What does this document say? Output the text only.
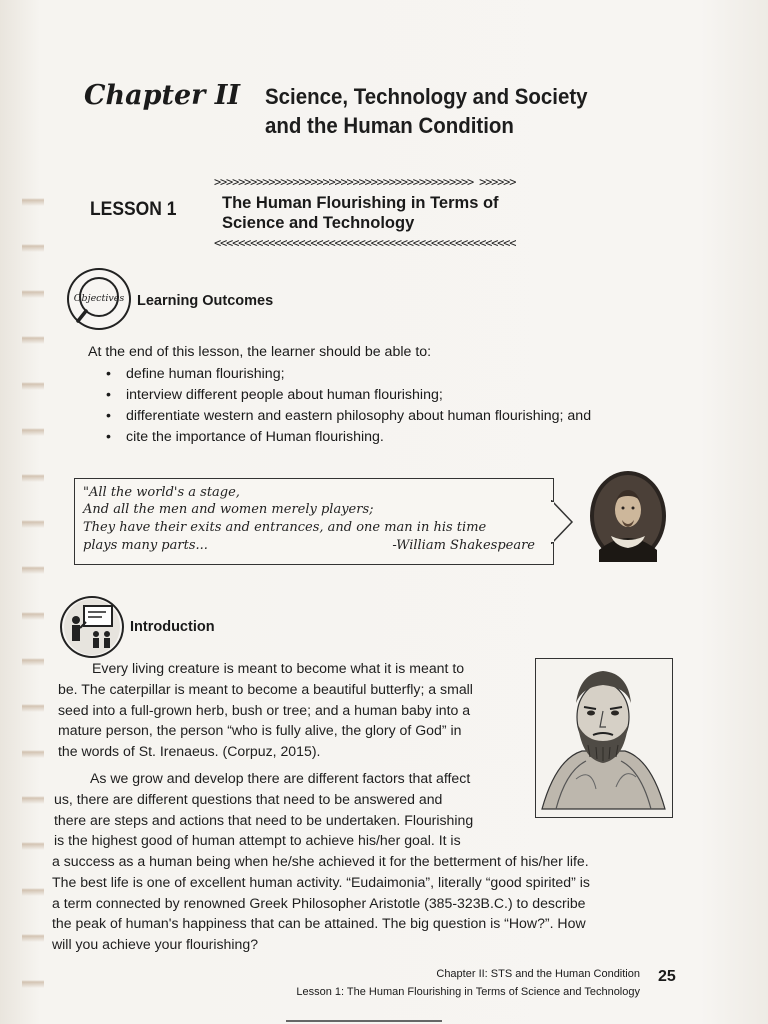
Chapter II Science, Technology and Society
and the Human Condition
>>>>>>>>>>>>>>>>>>>>>>>>>>>>>>>>>>>>>>>>>>> >>>>>>
LESSON 1	The Human Flourishing in Terms of
Science and Technology
<<<<<<<<<<<<<<<<<<<<<<<<<<<<<<<<<<<<<<<<<<<<<<<<<<
Objectives Learning Outcomes
At the end of this lesson, the learner should be able to:
• define human flourishing;
• interview different people about human flourishing;
• differentiate western and eastern philosophy about human flourishing; and
• cite the importance of Human flourishing.
"All the world's a stage,
And all the men and women merely players;
They have their exits and entrances, and one man in his time
plays many parts...	-William Shakespeare
Introduction
Every living creature is meant to become what it is meant to
be. The caterpillar is meant to become a beautiful butterfly; a small
seed into a full-grown herb, bush or tree; and a human baby into a
mature person, the person “who is fully alive, the glory of God” in
the words of St. Irenaeus. (Corpuz, 2015).
As we grow and develop there are different factors that affect
us, there are different questions that need to be answered and
there are steps and actions that need to be undertaken. Flourishing
is the highest good of human attempt to achieve his/her goal. It is
a success as a human being when he/she achieved it for the betterment of his/her life.
The best life is one of excellent human activity. “Eudaimonia”, literally “good spirited” is
a term connected by renowned Greek Philosopher Aristotle (385-323B.C.) to describe
the peak of human's happiness that can be attained. The big question is “How?”. How
will you achieve your flourishing?
Chapter II: STS and the Human Condition
Lesson 1: The Human Flourishing in Terms of Science and Technology
25
